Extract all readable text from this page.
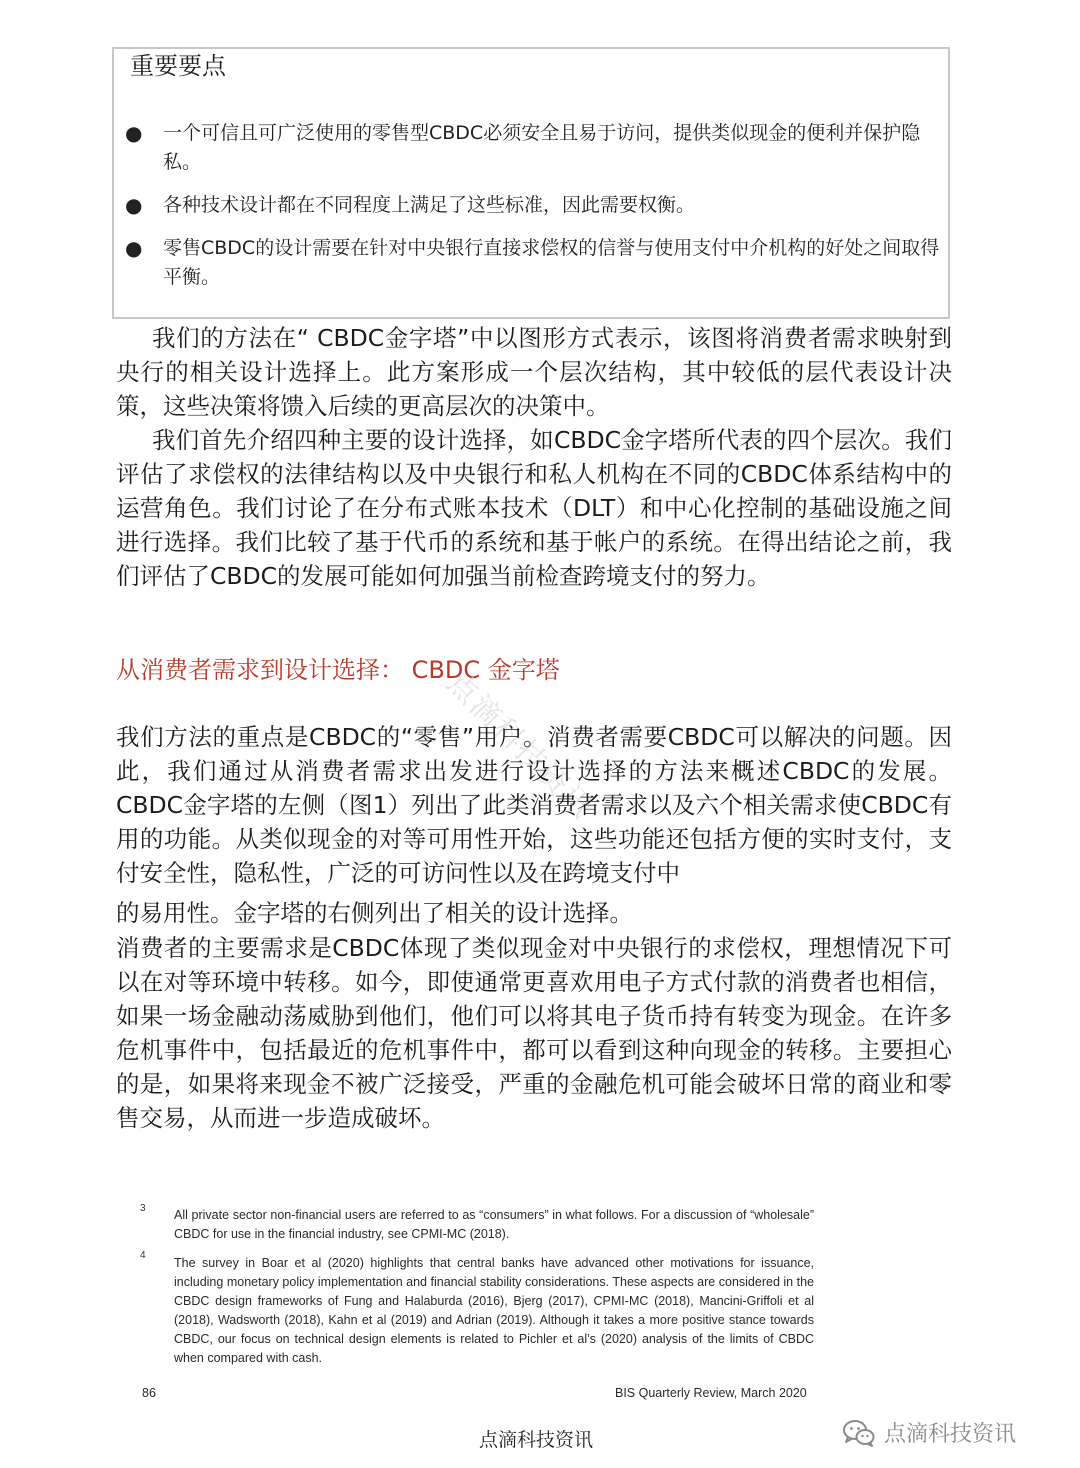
重要要点
● 一个可信且可广泛使用的零售型CBDC必须安全且易于访问，提供类似现金的便利并保护隐私。
● 各种技术设计都在不同程度上满足了这些标准，因此需要权衡。
● 零售CBDC的设计需要在针对中央银行直接求偿权的信誉与使用支付中介机构的好处之间取得平衡。

我们的方法在“ CBDC金字塔”中以图形方式表示，该图将消费者需求映射到央行的相关设计选择上。此方案形成一个层次结构，其中较低的层代表设计决策，这些决策将馈入后续的更高层次的决策中。

我们首先介绍四种主要的设计选择，如CBDC金字塔所代表的四个层次。我们评估了求偿权的法律结构以及中央银行和私人机构在不同的CBDC体系结构中的运营角色。我们讨论了在分布式账本技术（DLT）和中心化控制的基础设施之间进行选择。我们比较了基于代币的系统和基于帐户的系统。在得出结论之前，我们评估了CBDC的发展可能如何加强当前检查跨境支付的努力。

从消费者需求到设计选择： CBDC 金字塔
点滴科技资讯

我们方法的重点是CBDC的“零售”用户。消费者需要CBDC可以解决的问题。因此，我们通过从消费者需求出发进行设计选择的方法来概述CBDC的发展。CBDC金字塔的左侧（图1）列出了此类消费者需求以及六个相关需求使CBDC有用的功能。从类似现金的对等可用性开始，这些功能还包括方便的实时支付，支付安全性，隐私性，广泛的可访问性以及在跨境支付中

的易用性。金字塔的右侧列出了相关的设计选择。

消费者的主要需求是CBDC体现了类似现金对中央银行的求偿权，理想情况下可以在对等环境中转移。如今，即使通常更喜欢用电子方式付款的消费者也相信，如果一场金融动荡威胁到他们，他们可以将其电子货币持有转变为现金。在许多危机事件中，包括最近的危机事件中，都可以看到这种向现金的转移。主要担心的是，如果将来现金不被广泛接受，严重的金融危机可能会破坏日常的商业和零售交易，从而进一步造成破坏。

3 All private sector non-financial users are referred to as “consumers” in what follows. For a discussion of “wholesale” CBDC for use in the financial industry, see CPMI-MC (2018).
4
The survey in Boar et al (2020) highlights that central banks have advanced other motivations for issuance, including monetary policy implementation and financial stability considerations. These aspects are considered in the CBDC design frameworks of Fung and Halaburda (2016), Bjerg (2017), CPMI-MC (2018), Mancini-Griffoli et al (2018), Wadsworth (2018), Kahn et al (2019) and Adrian (2019). Although it takes a more positive stance towards CBDC, our focus on technical design elements is related to Pichler et al’s (2020) analysis of the limits of CBDC when compared with cash.
86	BIS Quarterly Review, March 2020
点滴科技资讯	点滴科技资讯
